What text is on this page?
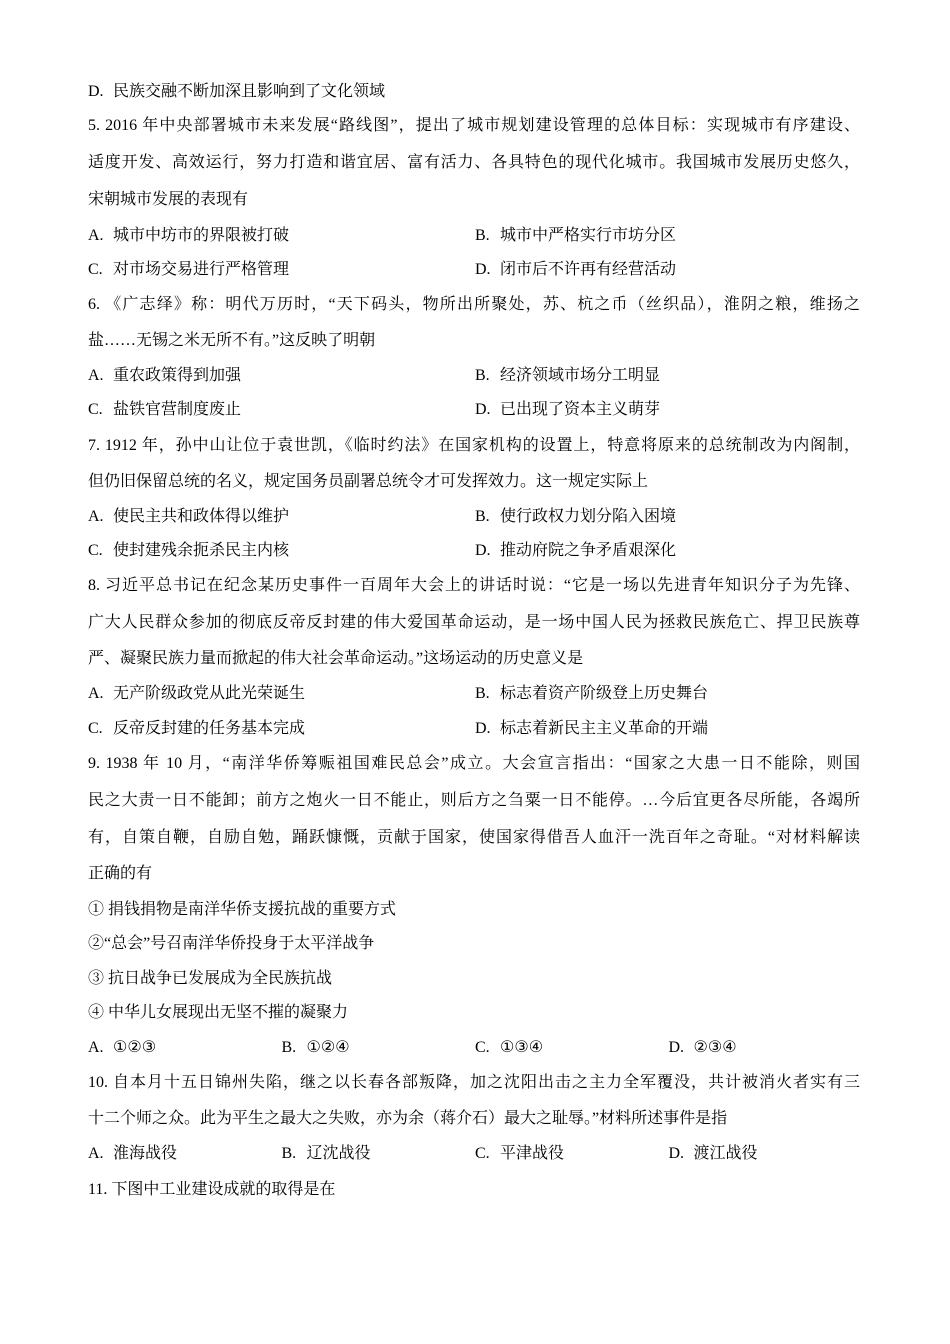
D. 民族交融不断加深且影响到了文化领域
5. 2016 年中央部署城市未来发展“路线图”，提出了城市规划建设管理的总体目标：实现城市有序建设、
适度开发、高效运行，努力打造和谐宜居、富有活力、各具特色的现代化城市。我国城市发展历史悠久，
宋朝城市发展的表现有
A. 城市中坊市的界限被打破	B. 城市中严格实行市坊分区
C. 对市场交易进行严格管理	D. 闭市后不许再有经营活动
6. 《广志绎》称：明代万历时，“天下码头，物所出所聚处，苏、杭之币（丝织品），淮阴之粮，维扬之
盐……无锡之米无所不有。”这反映了明朝
A. 重农政策得到加强	B. 经济领域市场分工明显
C. 盐铁官营制度废止	D. 已出现了资本主义萌芽
7. 1912 年，孙中山让位于袁世凯，《临时约法》在国家机构的设置上，特意将原来的总统制改为内阁制，
但仍旧保留总统的名义，规定国务员副署总统令才可发挥效力。这一规定实际上
A. 使民主共和政体得以维护	B. 使行政权力划分陷入困境
C. 使封建残余扼杀民主内核	D. 推动府院之争矛盾艰深化
8. 习近平总书记在纪念某历史事件一百周年大会上的讲话时说：“它是一场以先进青年知识分子为先锋、
广大人民群众参加的彻底反帝反封建的伟大爱国革命运动，是一场中国人民为拯救民族危亡、捍卫民族尊
严、凝聚民族力量而掀起的伟大社会革命运动。”这场运动的历史意义是
A. 无产阶级政党从此光荣诞生	B. 标志着资产阶级登上历史舞台
C. 反帝反封建的任务基本完成	D. 标志着新民主主义革命的开端
9. 1938 年 10 月，“南洋华侨筹赈祖国难民总会”成立。大会宣言指出：“国家之大患一日不能除，则国
民之大责一日不能卸；前方之炮火一日不能止，则后方之刍粟一日不能停。…今后宜更各尽所能，各竭所
有，自策自鞭，自励自勉，踊跃慷慨，贡献于国家，使国家得借吾人血汗一洗百年之奇耻。“对材料解读
正确的有
① 捐钱捐物是南洋华侨支援抗战的重要方式
②“总会”号召南洋华侨投身于太平洋战争
③ 抗日战争已发展成为全民族抗战
④ 中华儿女展现出无坚不摧的凝聚力
A. ①②③	B. ①②④	C. ①③④	D. ②③④
10. 自本月十五日锦州失陷，继之以长春各部叛降，加之沈阳出击之主力全军覆没，共计被消火者实有三
十二个师之众。此为平生之最大之失败，亦为余（蒋介石）最大之耻辱。”材料所述事件是指
A. 淮海战役	B. 辽沈战役	C. 平津战役	D. 渡江战役
11. 下图中工业建设成就的取得是在
